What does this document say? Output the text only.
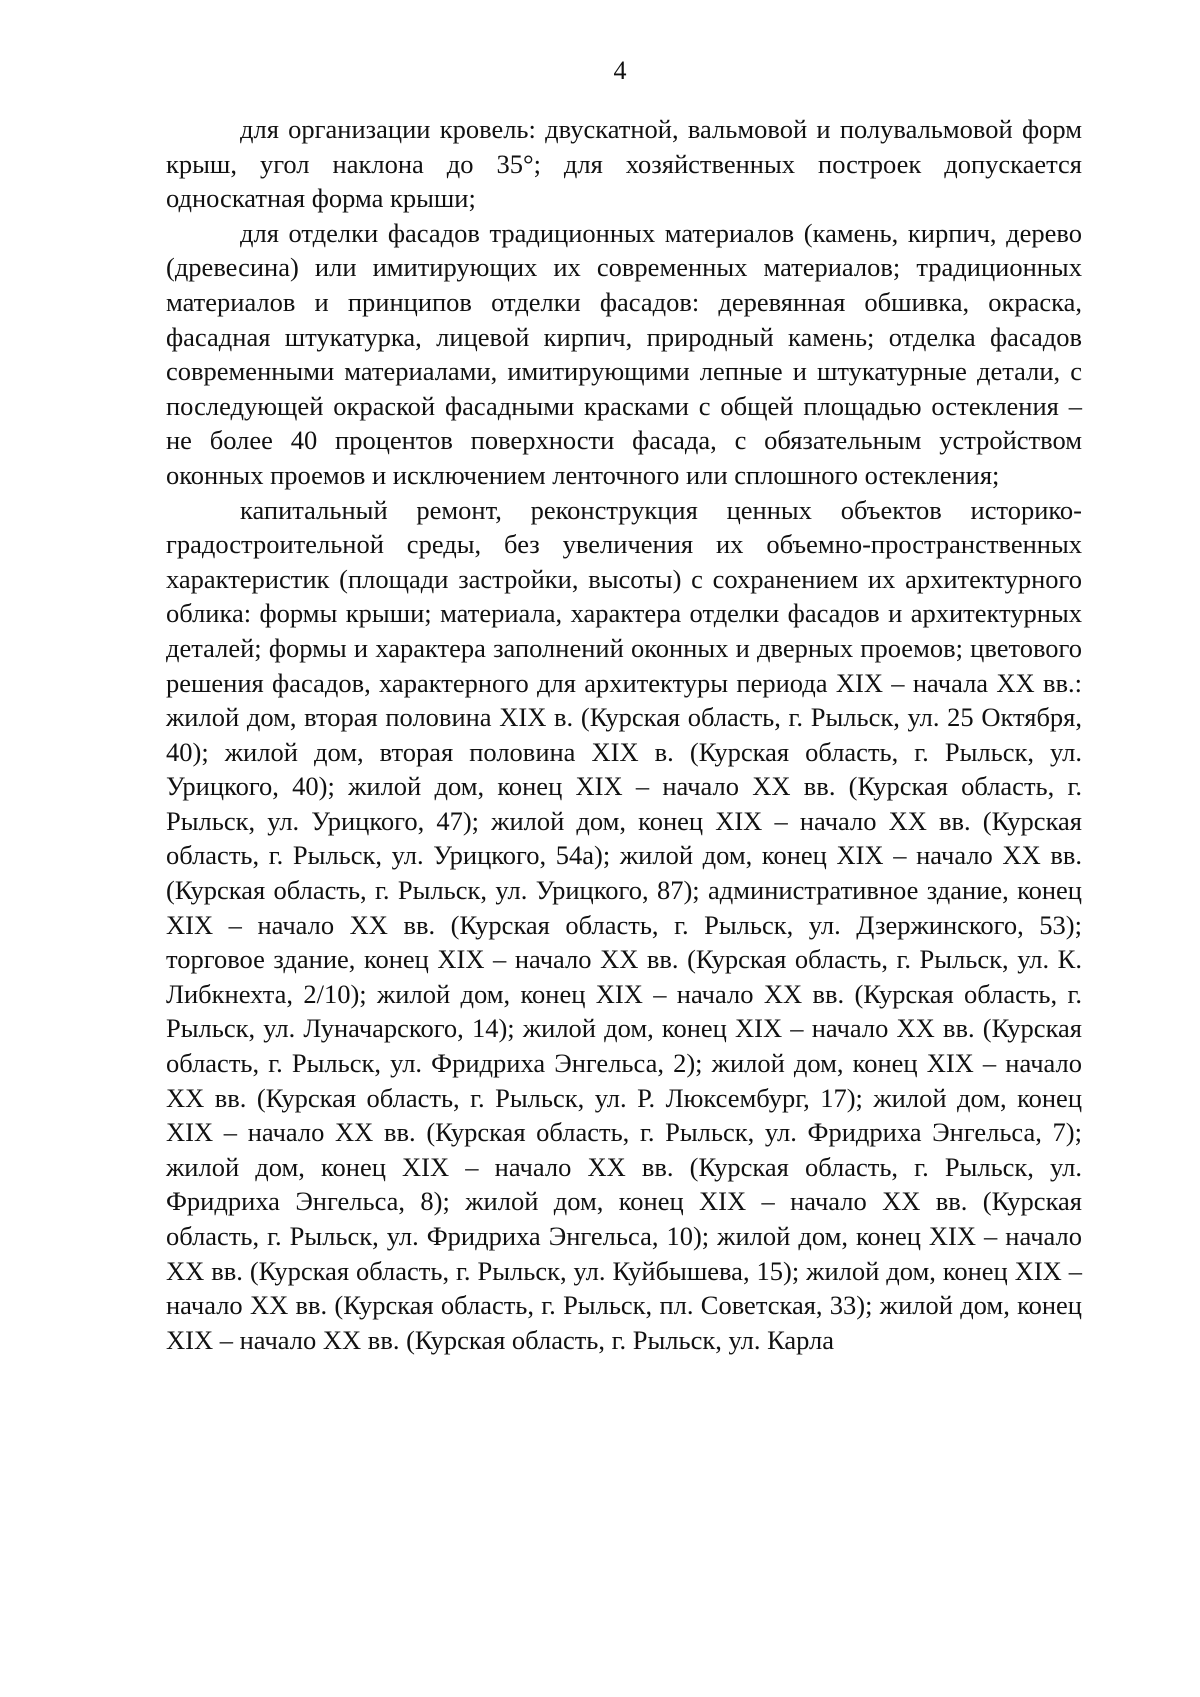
4

для организации кровель: двускатной, вальмовой и полувальмовой форм крыш, угол наклона до 35°; для хозяйственных построек допускается односкатная форма крыши;

для отделки фасадов традиционных материалов (камень, кирпич, дерево (древесина) или имитирующих их современных материалов; традиционных материалов и принципов отделки фасадов: деревянная обшивка, окраска, фасадная штукатурка, лицевой кирпич, природный камень; отделка фасадов современными материалами, имитирующими лепные и штукатурные детали, с последующей окраской фасадными красками с общей площадью остекления – не более 40 процентов поверхности фасада, с обязательным устройством оконных проемов и исключением ленточного или сплошного остекления;

капитальный ремонт, реконструкция ценных объектов историко-градостроительной среды, без увеличения их объемно-пространственных характеристик (площади застройки, высоты) с сохранением их архитектурного облика: формы крыши; материала, характера отделки фасадов и архитектурных деталей; формы и характера заполнений оконных и дверных проемов; цветового решения фасадов, характерного для архитектуры периода XIX – начала XX вв.: жилой дом, вторая половина XIX в. (Курская область, г. Рыльск, ул. 25 Октября, 40); жилой дом, вторая половина XIX в. (Курская область, г. Рыльск, ул. Урицкого, 40); жилой дом, конец XIX – начало XX вв. (Курская область, г. Рыльск, ул. Урицкого, 47); жилой дом, конец XIX – начало XX вв. (Курская область, г. Рыльск, ул. Урицкого, 54а); жилой дом, конец XIX – начало XX вв. (Курская область, г. Рыльск, ул. Урицкого, 87); административное здание, конец XIX – начало XX вв. (Курская область, г. Рыльск, ул. Дзержинского, 53); торговое здание, конец XIX – начало XX вв. (Курская область, г. Рыльск, ул. К. Либкнехта, 2/10); жилой дом, конец XIX – начало XX вв. (Курская область, г. Рыльск, ул. Луначарского, 14); жилой дом, конец XIX – начало XX вв. (Курская область, г. Рыльск, ул. Фридриха Энгельса, 2); жилой дом, конец XIX – начало XX вв. (Курская область, г. Рыльск, ул. Р. Люксембург, 17); жилой дом, конец XIX – начало XX вв. (Курская область, г. Рыльск, ул. Фридриха Энгельса, 7); жилой дом, конец XIX – начало XX вв. (Курская область, г. Рыльск, ул. Фридриха Энгельса, 8); жилой дом, конец XIX – начало XX вв. (Курская область, г. Рыльск, ул. Фридриха Энгельса, 10); жилой дом, конец XIX – начало XX вв. (Курская область, г. Рыльск, ул. Куйбышева, 15); жилой дом, конец XIX – начало XX вв. (Курская область, г. Рыльск, пл. Советская, 33); жилой дом, конец XIX – начало XX вв. (Курская область, г. Рыльск, ул. Карла
